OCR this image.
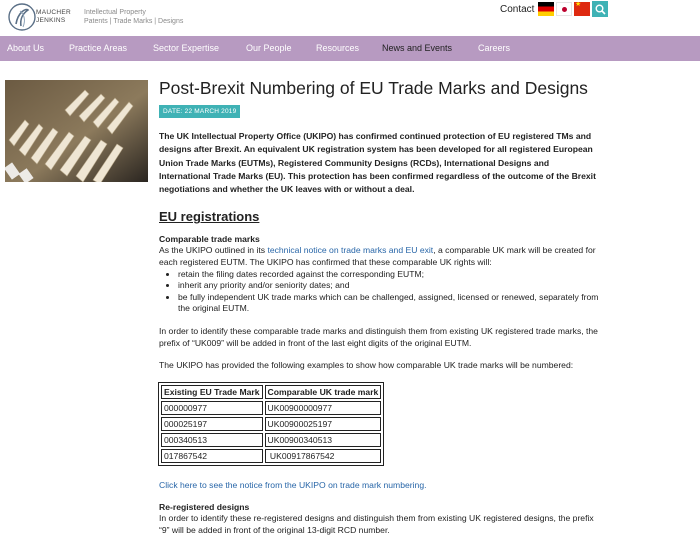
MAUCHER
JENKINS
Intellectual Property
Patents | Trade Marks | Designs
Contact
★
About Us	Practice Areas	Sector Expertise	Our People	Resources	News and Events	Careers
Post-Brexit Numbering of EU Trade Marks and Designs
DATE: 22 MARCH 2019

The UK Intellectual Property Office (UKIPO) has confirmed continued protection of EU registered TMs and designs after Brexit. An equivalent UK registration system has been developed for all registered European Union Trade Marks (EUTMs), Registered Community Designs (RCDs), International Designs and International Trade Marks (EU). This protection has been confirmed regardless of the outcome of the Brexit negotiations and whether the UK leaves with or without a deal.

EU registrations
Comparable trade marks

As the UKIPO outlined in its technical notice on trade marks and EU exit, a comparable UK mark will be created for each registered EUTM. The UKIPO has confirmed that these comparable UK rights will:

• retain the filing dates recorded against the corresponding EUTM;
• inherit any priority and/or seniority dates; and
• be fully independent UK trade marks which can be challenged, assigned, licensed or renewed, separately from the original EUTM.

In order to identify these comparable trade marks and distinguish them from existing UK registered trade marks, the prefix of “UK009” will be added in front of the last eight digits of the original EUTM.

The UKIPO has provided the following examples to show how comparable UK trade marks will be numbered:

Existing EU Trade Mark	Comparable UK trade mark
000000977	UK00900000977
000025197	UK00900025197
000340513	UK00900340513
017867542	UK00917867542

Click here to see the notice from the UKIPO on trade mark numbering.

Re-registered designs

In order to identify these re-registered designs and distinguish them from existing UK registered designs, the prefix “9” will be added in front of the original 13-digit RCD number.
